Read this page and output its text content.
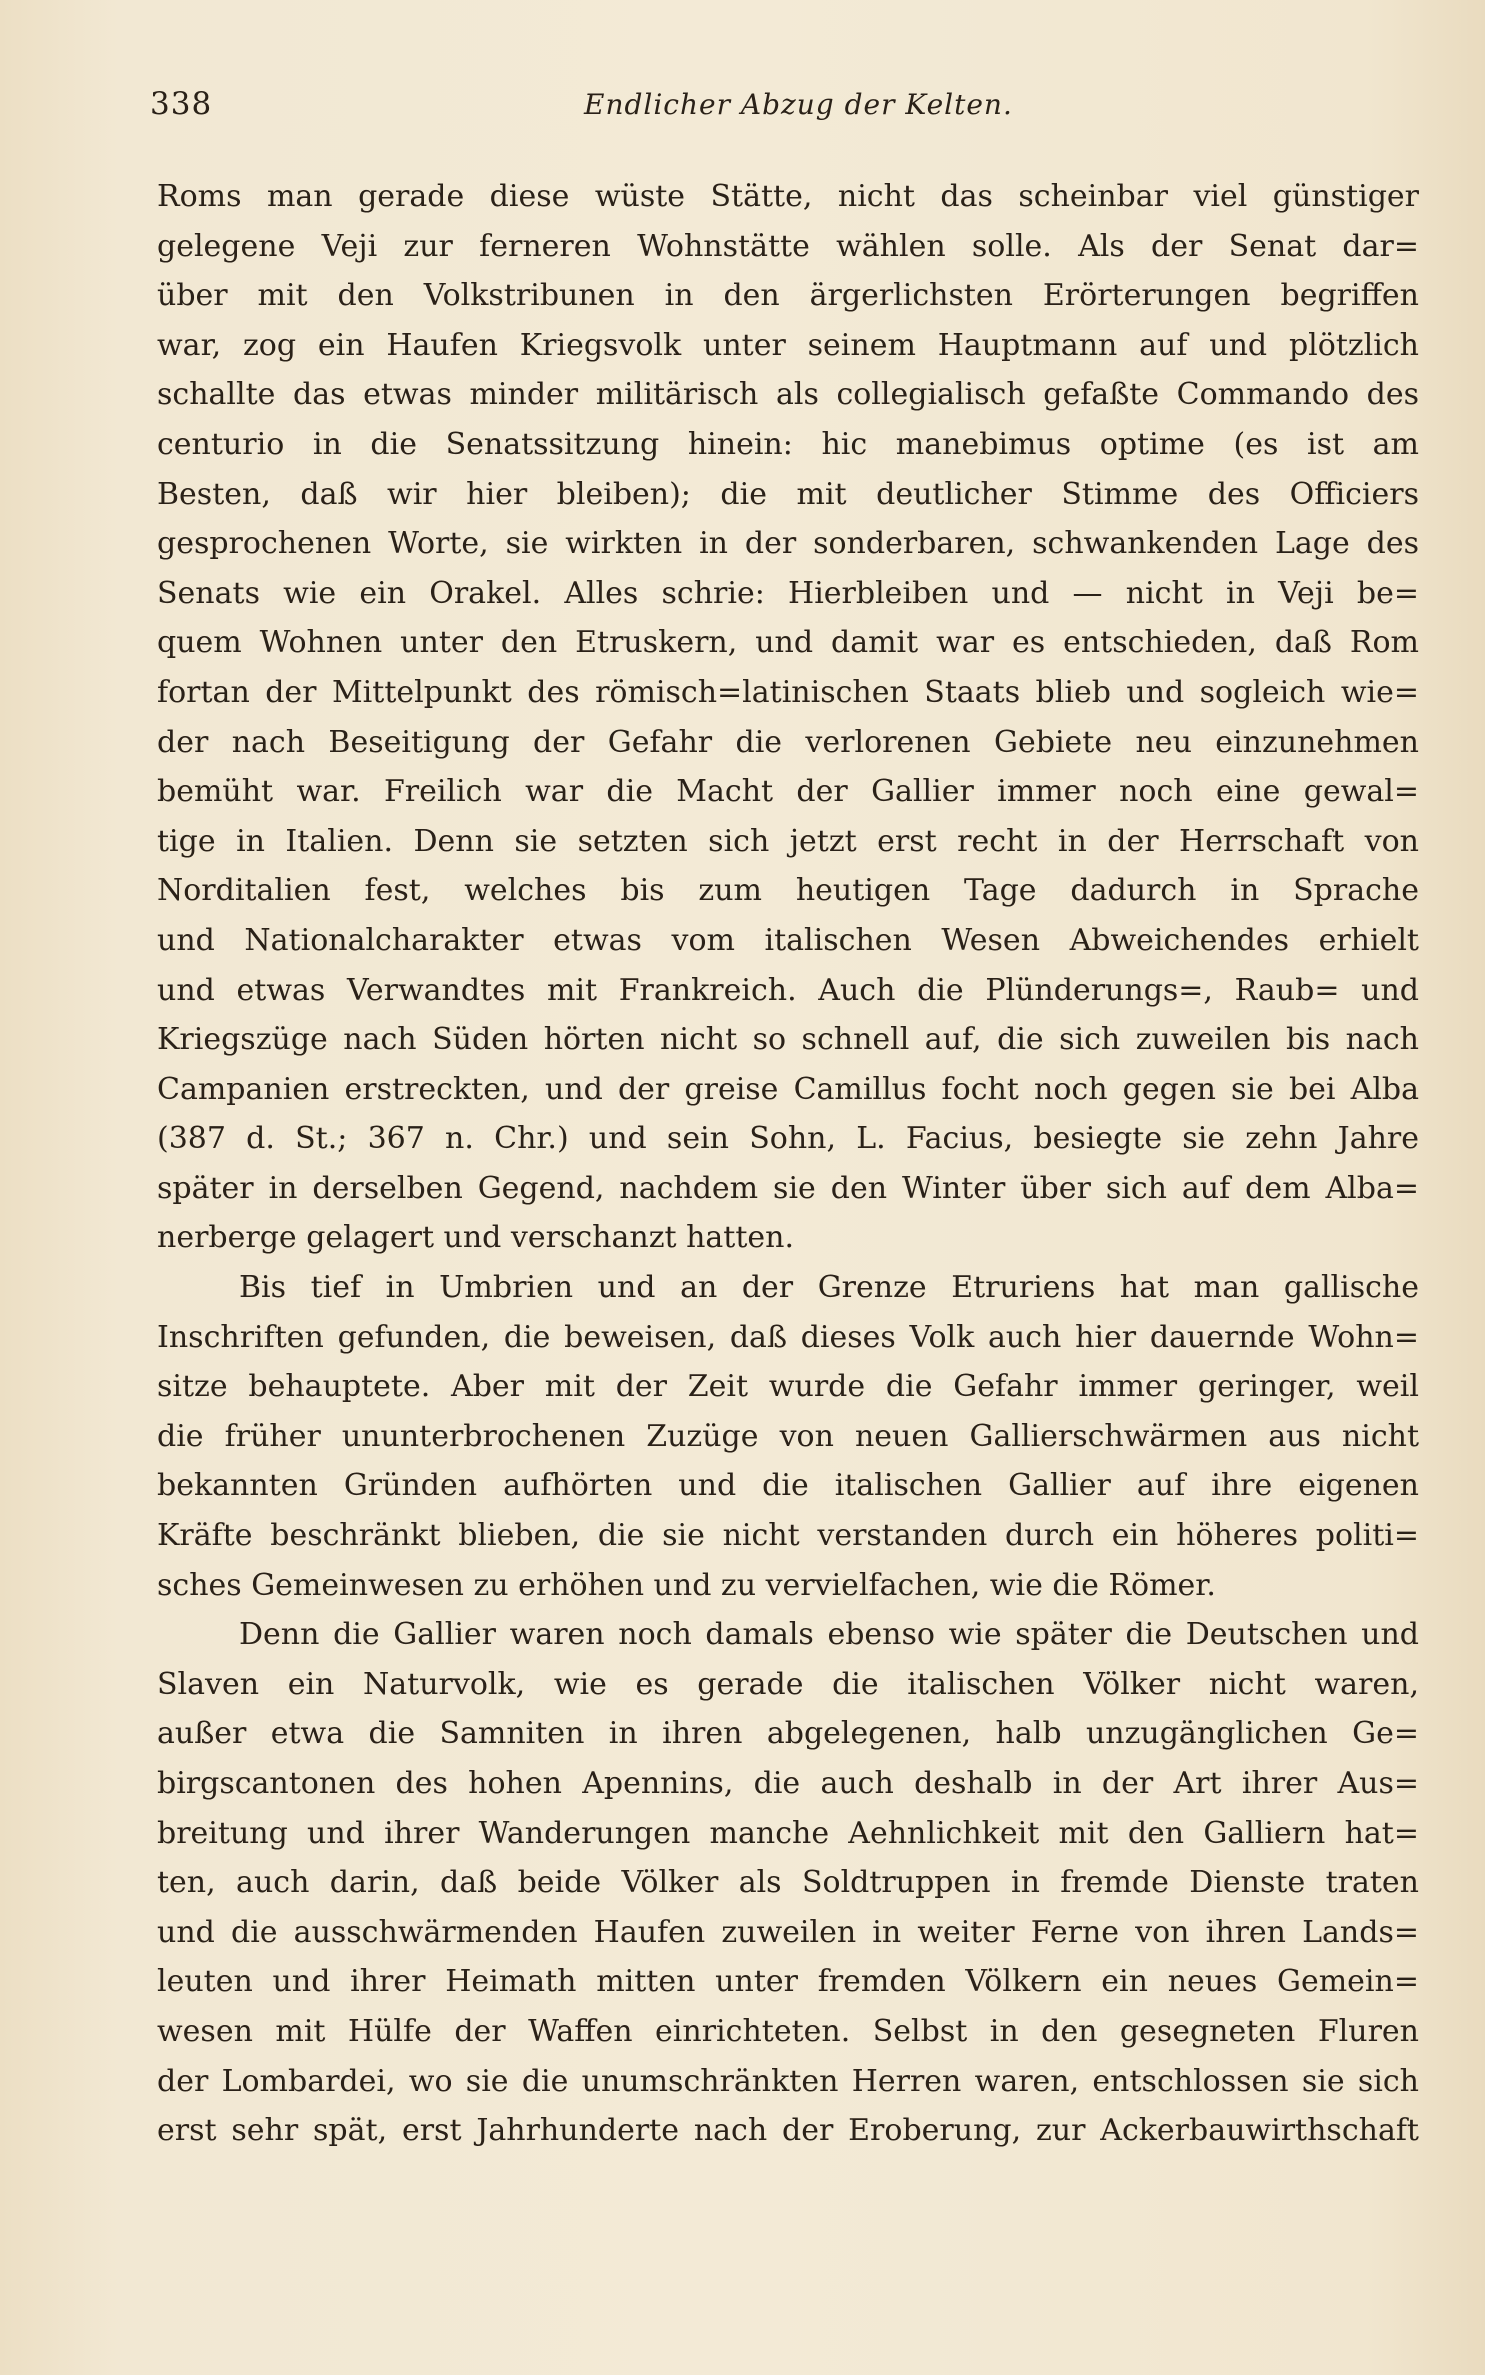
338	Endlicher Abzug der Kelten.
Roms man gerade diese wüste Stätte, nicht das scheinbar viel günstiger
gelegene Veji zur ferneren Wohnstätte wählen solle. Als der Senat dar=
über mit den Volkstribunen in den ärgerlichsten Erörterungen begriffen
war, zog ein Haufen Kriegsvolk unter seinem Hauptmann auf und plötzlich
schallte das etwas minder militärisch als collegialisch gefaßte Commando des
centurio in die Senatssitzung hinein: hic manebimus optime (es ist am
Besten, daß wir hier bleiben); die mit deutlicher Stimme des Officiers
gesprochenen Worte, sie wirkten in der sonderbaren, schwankenden Lage des
Senats wie ein Orakel. Alles schrie: Hierbleiben und — nicht in Veji be=
quem Wohnen unter den Etruskern, und damit war es entschieden, daß Rom
fortan der Mittelpunkt des römisch=latinischen Staats blieb und sogleich wie=
der nach Beseitigung der Gefahr die verlorenen Gebiete neu einzunehmen
bemüht war. Freilich war die Macht der Gallier immer noch eine gewal=
tige in Italien. Denn sie setzten sich jetzt erst recht in der Herrschaft von
Norditalien fest, welches bis zum heutigen Tage dadurch in Sprache
und Nationalcharakter etwas vom italischen Wesen Abweichendes erhielt
und etwas Verwandtes mit Frankreich. Auch die Plünderungs=, Raub= und
Kriegszüge nach Süden hörten nicht so schnell auf, die sich zuweilen bis nach
Campanien erstreckten, und der greise Camillus focht noch gegen sie bei Alba
(387 d. St.; 367 n. Chr.) und sein Sohn, L. Facius, besiegte sie zehn Jahre
später in derselben Gegend, nachdem sie den Winter über sich auf dem Alba=
nerberge gelagert und verschanzt hatten.
Bis tief in Umbrien und an der Grenze Etruriens hat man gallische
Inschriften gefunden, die beweisen, daß dieses Volk auch hier dauernde Wohn=
sitze behauptete. Aber mit der Zeit wurde die Gefahr immer geringer, weil
die früher ununterbrochenen Zuzüge von neuen Gallierschwärmen aus nicht
bekannten Gründen aufhörten und die italischen Gallier auf ihre eigenen
Kräfte beschränkt blieben, die sie nicht verstanden durch ein höheres politi=
sches Gemeinwesen zu erhöhen und zu vervielfachen, wie die Römer.
Denn die Gallier waren noch damals ebenso wie später die Deutschen und
Slaven ein Naturvolk, wie es gerade die italischen Völker nicht waren,
außer etwa die Samniten in ihren abgelegenen, halb unzugänglichen Ge=
birgscantonen des hohen Apennins, die auch deshalb in der Art ihrer Aus=
breitung und ihrer Wanderungen manche Aehnlichkeit mit den Galliern hat=
ten, auch darin, daß beide Völker als Soldtruppen in fremde Dienste traten
und die ausschwärmenden Haufen zuweilen in weiter Ferne von ihren Lands=
leuten und ihrer Heimath mitten unter fremden Völkern ein neues Gemein=
wesen mit Hülfe der Waffen einrichteten. Selbst in den gesegneten Fluren
der Lombardei, wo sie die unumschränkten Herren waren, entschlossen sie sich
erst sehr spät, erst Jahrhunderte nach der Eroberung, zur Ackerbauwirthschaft
